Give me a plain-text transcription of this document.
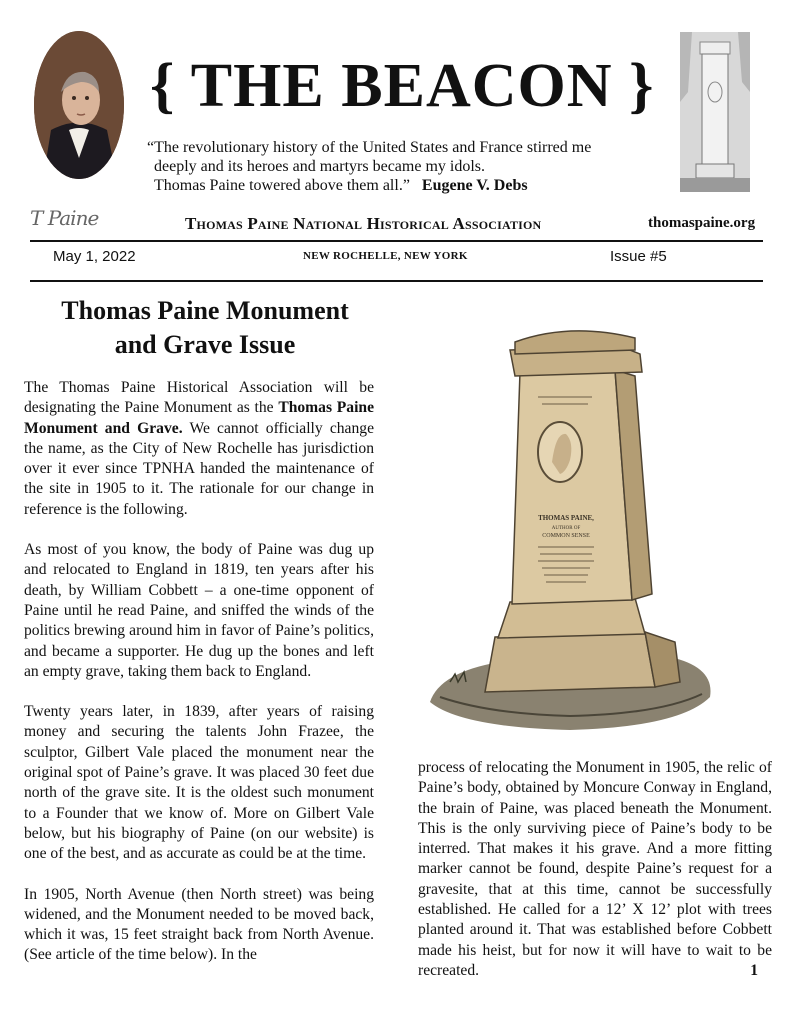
{ THE BEACON }
“The revolutionary history of the United States and France stirred me
deeply and its heroes and martyrs became my idols.
Thomas Paine towered above them all.” Eugene V. Debs
T Paine	Thomas Paine National Historical Association	thomaspaine.org
May 1, 2022	NEW ROCHELLE, NEW YORK	Issue #5
Thomas Paine Monument
and Grave Issue

The Thomas Paine Historical Association will be designating the Paine Monument as the Thomas Paine Monument and Grave. We cannot officially change the name, as the City of New Rochelle has jurisdiction over it ever since TPNHA handed the maintenance of the site in 1905 to it. The rationale for our change in reference is the following.

As most of you know, the body of Paine was dug up and relocated to England in 1819, ten years after his death, by William Cobbett – a one-time opponent of Paine until he read Paine, and sniffed the winds of the politics brewing around him in favor of Paine’s politics, and became a supporter. He dug up the bones and left an empty grave, taking them back to England.

Twenty years later, in 1839, after years of raising money and securing the talents John Frazee, the sculptor, Gilbert Vale placed the monument near the original spot of Paine’s grave. It was placed 30 feet due north of the grave site. It is the oldest such monument to a Founder that we know of. More on Gilbert Vale below, but his biography of Paine (on our website) is one of the best, and as accurate as could be at the time.

In 1905, North Avenue (then North street) was being widened, and the Monument needed to be moved back, which it was, 15 feet straight back from North Avenue. (See article of the time below). In the

THOMAS PAINE,
AUTHOR OF
COMMON SENSE

process of relocating the Monument in 1905, the relic of Paine’s body, obtained by Moncure Conway in England, the brain of Paine, was placed beneath the Monument. This is the only surviving piece of Paine’s body to be interred. That makes it his grave. And a more fitting marker cannot be found, despite Paine’s request for a gravesite, that at this time, cannot be successfully established. He called for a 12’ X 12’ plot with trees planted around it. That was established before Cobbett made his heist, but for now it will have to wait to be recreated.	1
